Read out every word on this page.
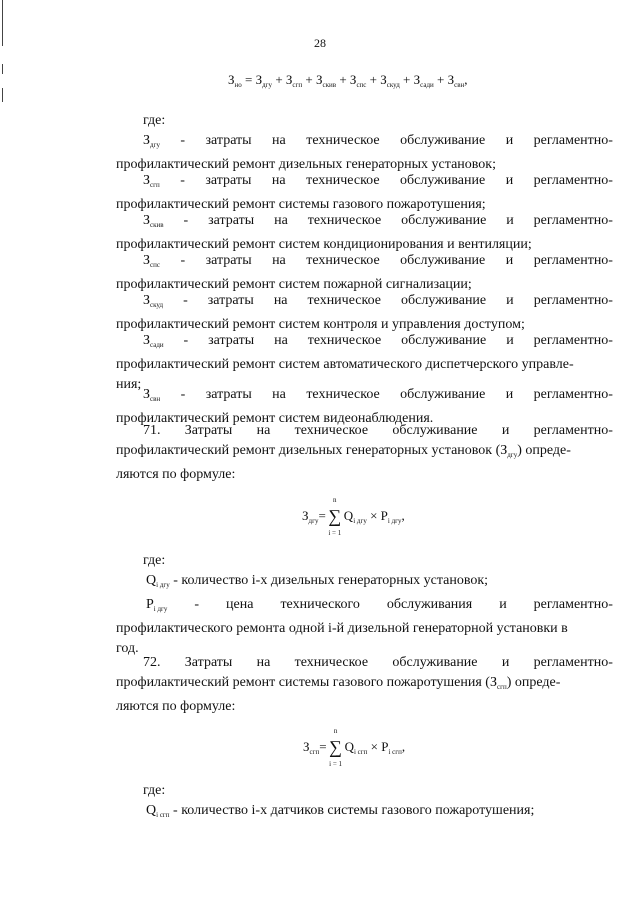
28
$З_{но} = З_{дгу} + З_{сгп} + З_{скив} + З_{спс} + З_{скуд} + З_{сади} + З_{свн}$,
где:
$З_{дгу}$ - затраты на техническое обслуживание и регламентно-
профилактический ремонт дизельных генераторных установок;
$З_{сгп}$ - затраты на техническое обслуживание и регламентно-
профилактический ремонт системы газового пожаротушения;
$З_{скив}$ - затраты на техническое обслуживание и регламентно-
профилактический ремонт систем кондиционирования и вентиляции;
$З_{спс}$ - затраты на техническое обслуживание и регламентно-
профилактический ремонт систем пожарной сигнализации;
$З_{скуд}$ - затраты на техническое обслуживание и регламентно-
профилактический ремонт систем контроля и управления доступом;
$З_{сади}$ - затраты на техническое обслуживание и регламентно-
профилактический ремонт систем автоматического диспетчерского управле-
ния;
$З_{свн}$ - затраты на техническое обслуживание и регламентно-
профилактический ремонт систем видеонаблюдения.
71. Затраты на техническое обслуживание и регламентно-
профилактический ремонт дизельных генераторных установок $(З_{дгу})$ опреде-
ляются по формуле:
$З_{дгу}=$
n
∑
i = 1
$Q_{i дгу} \times P_{i дгу}$,
где:
$Q_{i дгу}$ - количество i-х дизельных генераторных установок;
$P_{i дгу}$ - цена технического обслуживания и регламентно-
профилактического ремонта одной i-й дизельной генераторной установки в
год.
72. Затраты на техническое обслуживание и регламентно-
профилактический ремонт системы газового пожаротушения $(З_{сгп})$ опреде-
ляются по формуле:
$З_{сгп}=$
n
∑
i = 1
$Q_{i сгп} \times P_{i сгп}$,
где:
$Q_{i сгп}$ - количество i-х датчиков системы газового пожаротушения;
